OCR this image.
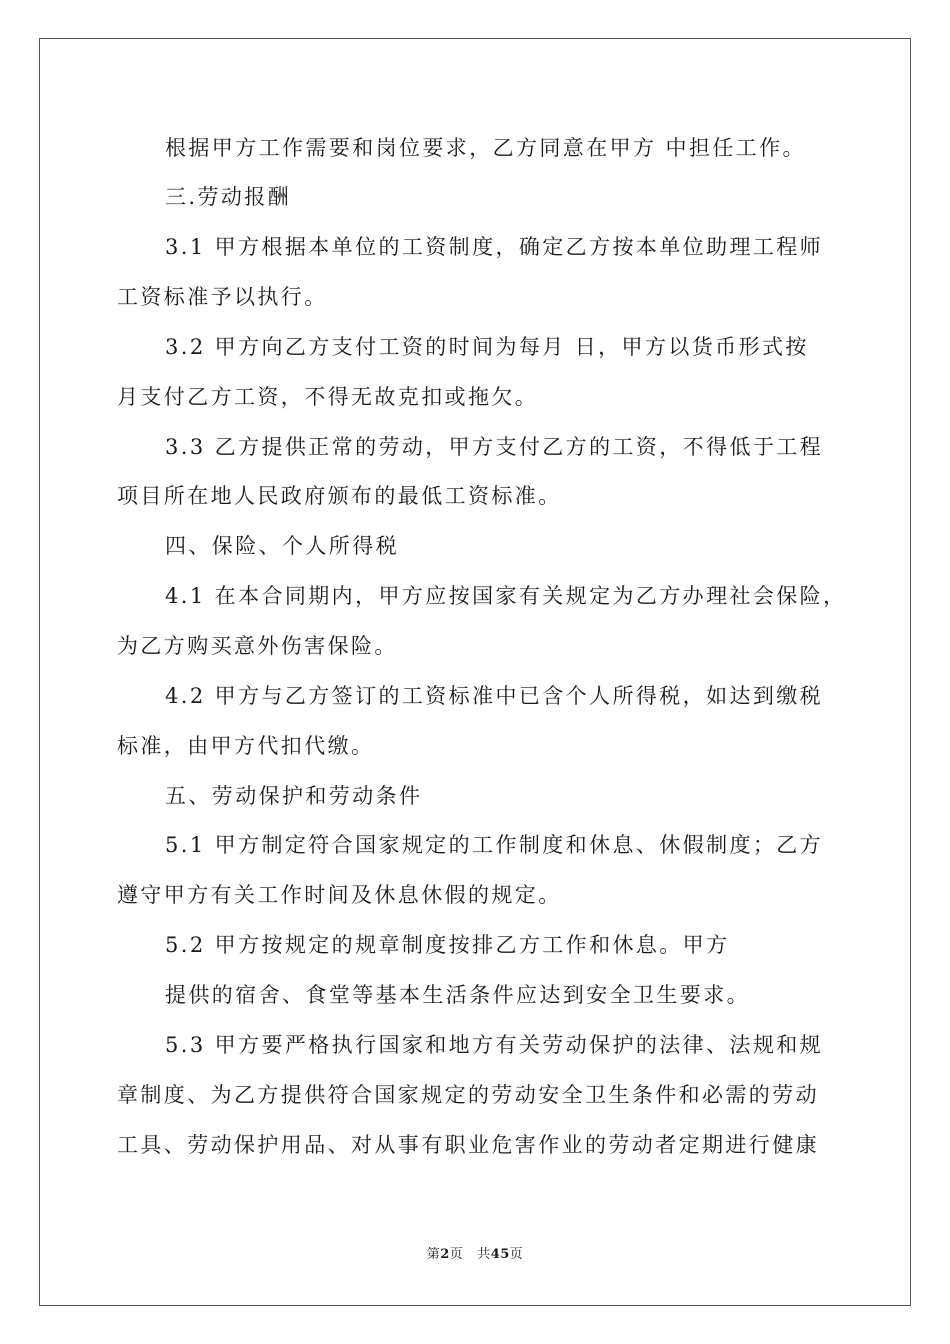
根据甲方工作需要和岗位要求，乙方同意在甲方 中担任工作。
三.劳动报酬
3.1 甲方根据本单位的工资制度，确定乙方按本单位助理工程师
工资标准予以执行。
3.2 甲方向乙方支付工资的时间为每月 日，甲方以货币形式按
月支付乙方工资，不得无故克扣或拖欠。
3.3 乙方提供正常的劳动，甲方支付乙方的工资，不得低于工程
项目所在地人民政府颁布的最低工资标准。
四、保险、个人所得税
4.1 在本合同期内，甲方应按国家有关规定为乙方办理社会保险，
为乙方购买意外伤害保险。
4.2 甲方与乙方签订的工资标准中已含个人所得税，如达到缴税
标准，由甲方代扣代缴。
五、劳动保护和劳动条件
5.1 甲方制定符合国家规定的工作制度和休息、休假制度；乙方
遵守甲方有关工作时间及休息休假的规定。
5.2 甲方按规定的规章制度按排乙方工作和休息。甲方
提供的宿舍、食堂等基本生活条件应达到安全卫生要求。
5.3 甲方要严格执行国家和地方有关劳动保护的法律、法规和规
章制度、为乙方提供符合国家规定的劳动安全卫生条件和必需的劳动
工具、劳动保护用品、对从事有职业危害作业的劳动者定期进行健康
第2页 共45页
